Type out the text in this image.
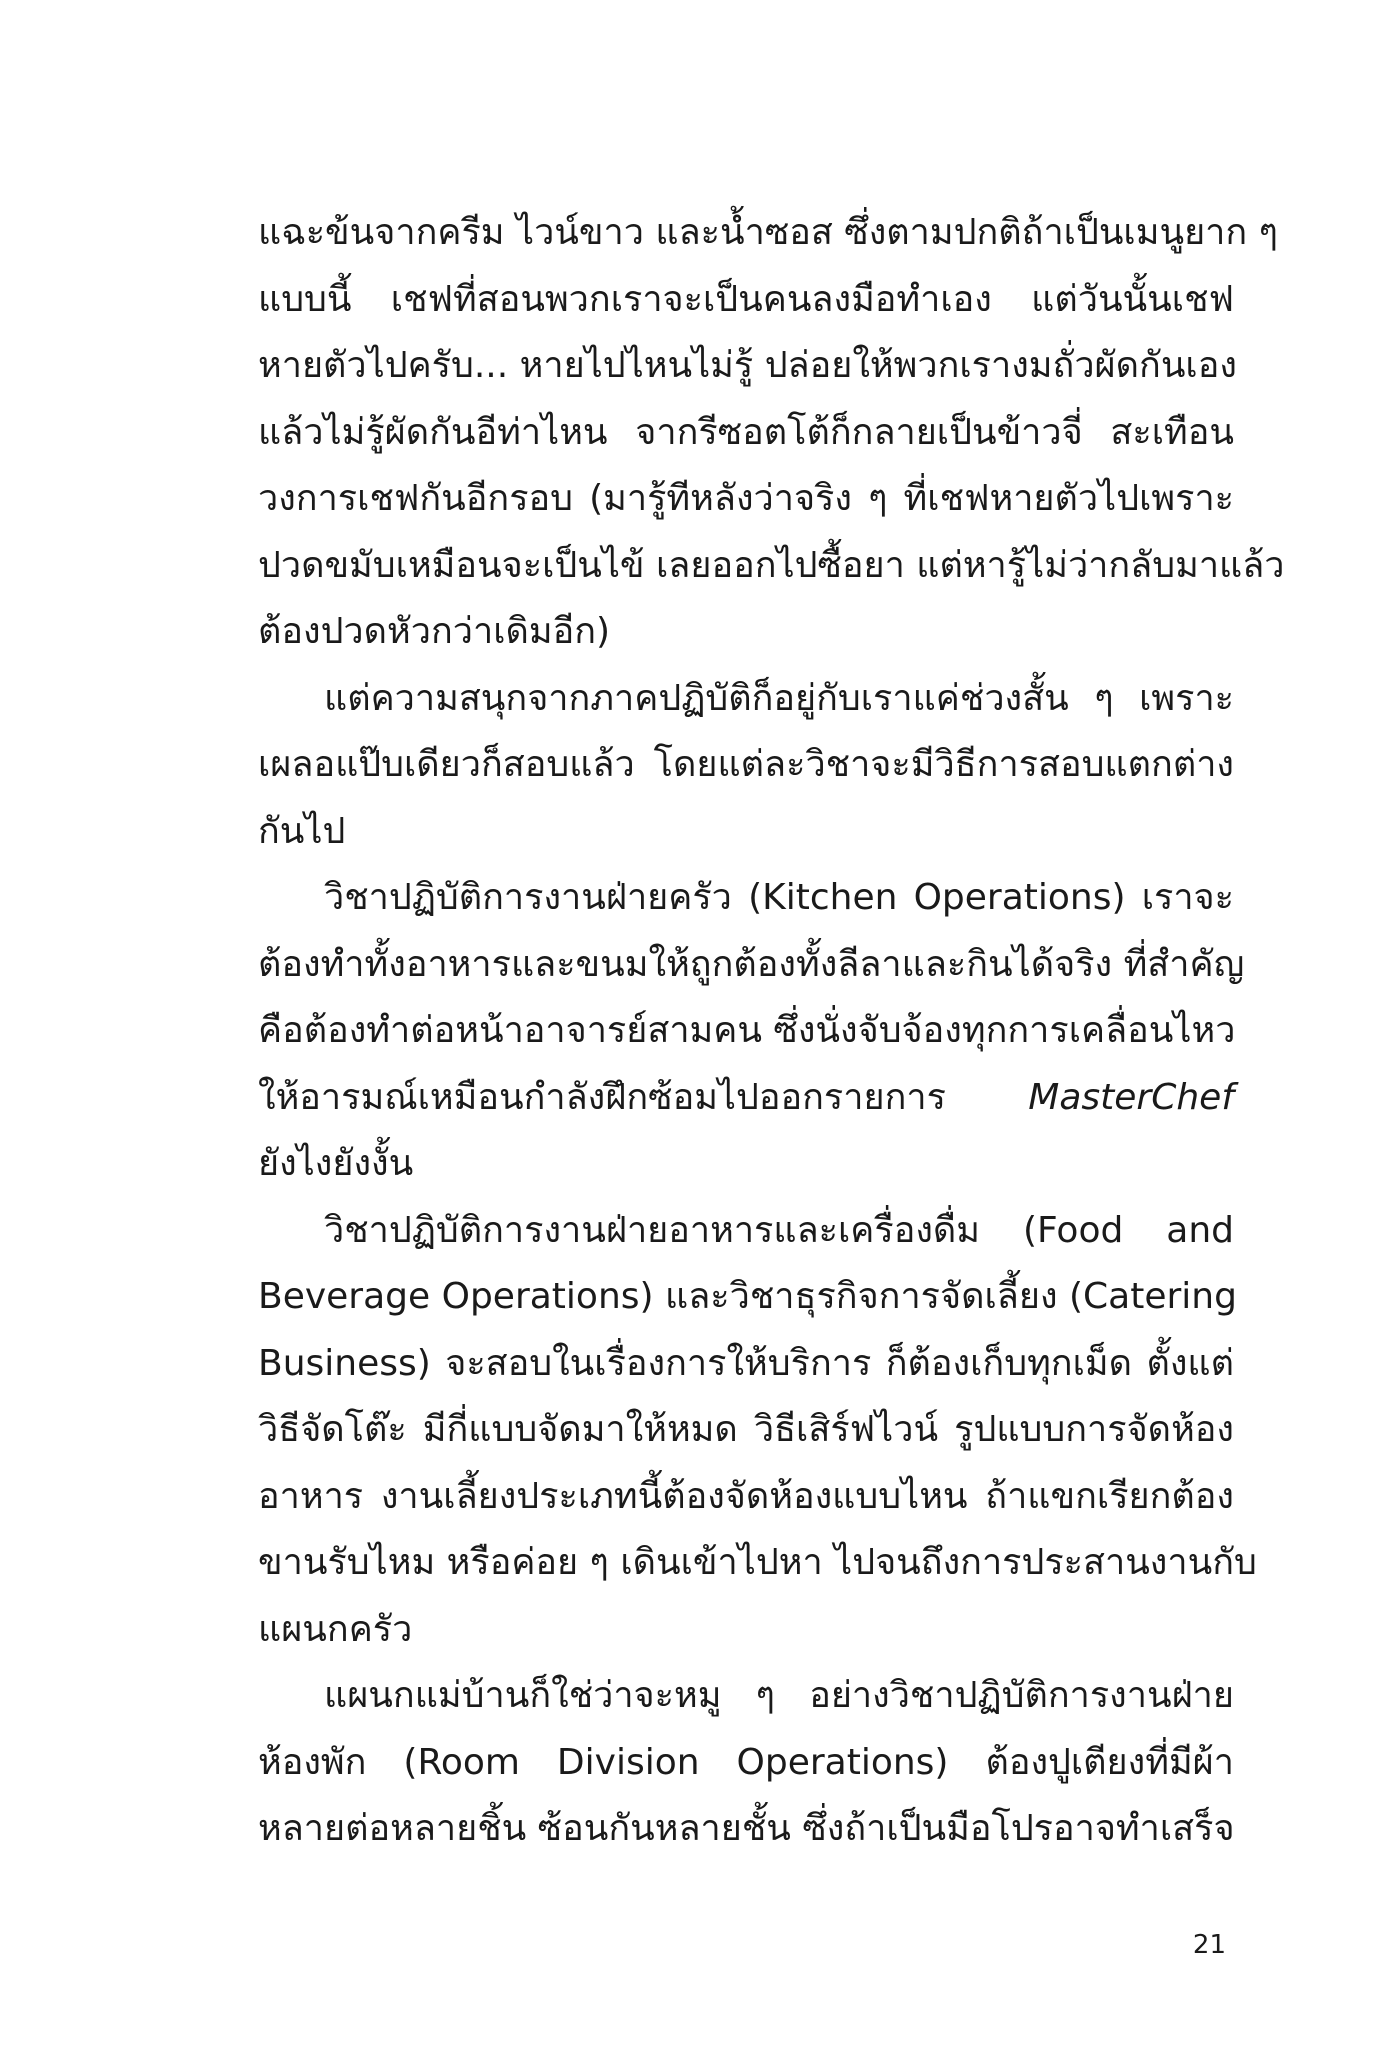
แฉะข้นจากครีม ไวน์ขาว และน้ำซอส ซึ่งตามปกติถ้าเป็นเมนูยาก ๆ
แบบนี้ เชฟที่สอนพวกเราจะเป็นคนลงมือทำเอง แต่วันนั้นเชฟ
หายตัวไปครับ... หายไปไหนไม่รู้ ปล่อยให้พวกเรางมถั่วผัดกันเอง
แล้วไม่รู้ผัดกันอีท่าไหน จากรีซอตโต้ก็กลายเป็นข้าวจี่ สะเทือน
วงการเชฟกันอีกรอบ (มารู้ทีหลังว่าจริง ๆ ที่เชฟหายตัวไปเพราะ
ปวดขมับเหมือนจะเป็นไข้ เลยออกไปซื้อยา แต่หารู้ไม่ว่ากลับมาแล้ว
ต้องปวดหัวกว่าเดิมอีก)
แต่ความสนุกจากภาคปฏิบัติก็อยู่กับเราแค่ช่วงสั้น ๆ เพราะ
เผลอแป๊บเดียวก็สอบแล้ว โดยแต่ละวิชาจะมีวิธีการสอบแตกต่าง
กันไป
วิชาปฏิบัติการงานฝ่ายครัว (Kitchen Operations) เราจะ
ต้องทำทั้งอาหารและขนมให้ถูกต้องทั้งลีลาและกินได้จริง ที่สำคัญ
คือต้องทำต่อหน้าอาจารย์สามคน ซึ่งนั่งจับจ้องทุกการเคลื่อนไหว
ให้อารมณ์เหมือนกำลังฝึกซ้อมไปออกรายการ MasterChef
ยังไงยังงั้น
วิชาปฏิบัติการงานฝ่ายอาหารและเครื่องดื่ม (Food and
Beverage Operations) และวิชาธุรกิจการจัดเลี้ยง (Catering
Business) จะสอบในเรื่องการให้บริการ ก็ต้องเก็บทุกเม็ด ตั้งแต่
วิธีจัดโต๊ะ มีกี่แบบจัดมาให้หมด วิธีเสิร์ฟไวน์ รูปแบบการจัดห้อง
อาหาร งานเลี้ยงประเภทนี้ต้องจัดห้องแบบไหน ถ้าแขกเรียกต้อง
ขานรับไหม หรือค่อย ๆ เดินเข้าไปหา ไปจนถึงการประสานงานกับ
แผนกครัว
แผนกแม่บ้านก็ใช่ว่าจะหมู ๆ อย่างวิชาปฏิบัติการงานฝ่าย
ห้องพัก (Room Division Operations) ต้องปูเตียงที่มีผ้า
หลายต่อหลายชิ้น ซ้อนกันหลายชั้น ซึ่งถ้าเป็นมือโปรอาจทำเสร็จ
21
